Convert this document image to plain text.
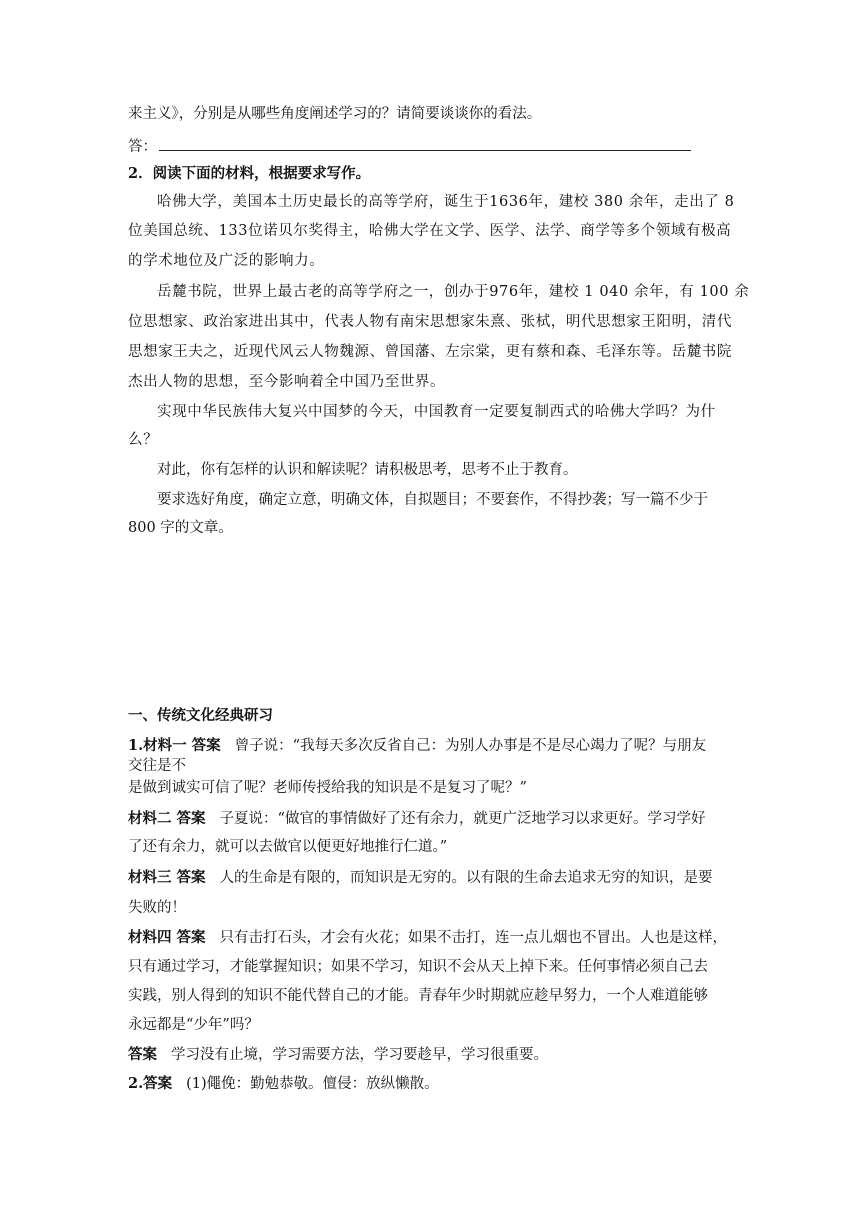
来主义》，分别是从哪些角度阐述学习的？请简要谈谈你的看法。
答：
2．阅读下面的材料，根据要求写作。
哈佛大学，美国本土历史最长的高等学府，诞生于1636年，建校 380 余年，走出了 8
位美国总统、133位诺贝尔奖得主，哈佛大学在文学、医学、法学、商学等多个领域有极高
的学术地位及广泛的影响力。
岳麓书院，世界上最古老的高等学府之一，创办于976年，建校 1 040 余年，有 100 余
位思想家、政治家进出其中，代表人物有南宋思想家朱熹、张栻，明代思想家王阳明，清代
思想家王夫之，近现代风云人物魏源、曾国藩、左宗棠，更有蔡和森、毛泽东等。岳麓书院
杰出人物的思想，至今影响着全中国乃至世界。
实现中华民族伟大复兴中国梦的今天，中国教育一定要复制西式的哈佛大学吗？为什
么？
对此，你有怎样的认识和解读呢？请积极思考，思考不止于教育。
要求选好角度，确定立意，明确文体，自拟题目；不要套作，不得抄袭；写一篇不少于
800 字的文章。
一、传统文化经典研习
1.材料一 答案 曾子说：“我每天多次反省自己：为别人办事是不是尽心竭力了呢？与朋友
交往是不
是做到诚实可信了呢？老师传授给我的知识是不是复习了呢？”
材料二 答案 子夏说：“做官的事情做好了还有余力，就更广泛地学习以求更好。学习学好
了还有余力，就可以去做官以便更好地推行仁道。”
材料三 答案 人的生命是有限的，而知识是无穷的。以有限的生命去追求无穷的知识，是要
失败的！
材料四 答案 只有击打石头，才会有火花；如果不击打，连一点儿烟也不冒出。人也是这样，
只有通过学习，才能掌握知识；如果不学习，知识不会从天上掉下来。任何事情必须自己去
实践，别人得到的知识不能代替自己的才能。青春年少时期就应趁早努力，一个人难道能够
永远都是“少年”吗？
答案 学习没有止境，学习需要方法，学习要趁早，学习很重要。
2.答案 (1)僶俛：勤勉恭敬。儃侵：放纵懒散。
